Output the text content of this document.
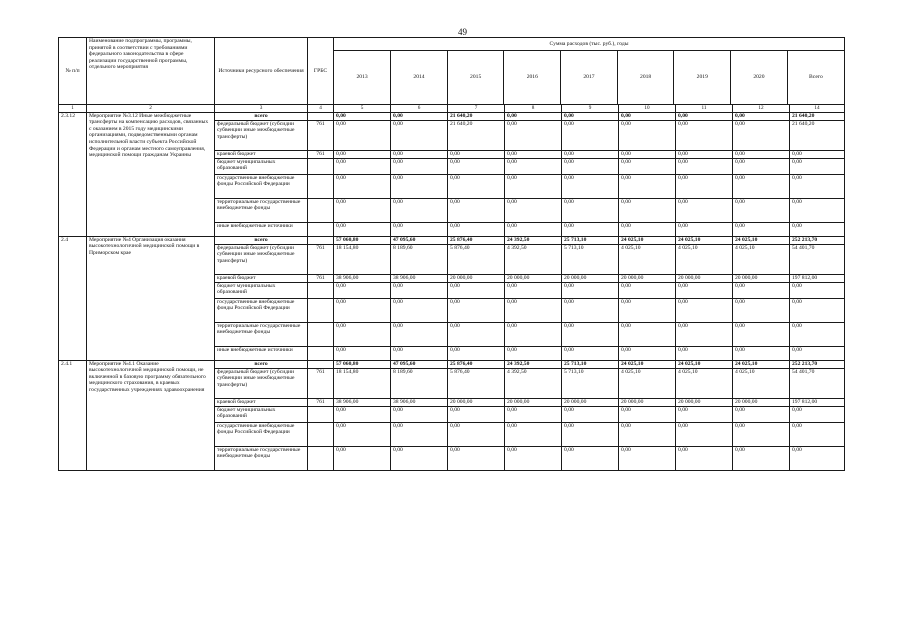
49
№ п/п	Наименование подпрограммы, программы, принятой в соответствии с требованиями федерального законодательства в сфере реализации государственной программы, отдельного мероприятия	Источники ресурсного обеспечения	ГРБС	
Сумма расходов (тыс. руб.), годы
2013	2014	2015	2016	2017	2018	2019	2020	Всего

1	2	3	4	5	6	7	8	9	10	11	12	14
2.3.12	Мероприятие №3.12 Иные межбюджетные трансферты на компенсацию расходов, связанных с оказанием в 2015 году медицинскими организациями, подведомственными органам исполнительной власти субъекта Российской Федерации и органам местного самоуправления, медицинской помощи гражданам Украины	всего		0,00	0,00	21 640,20	0,00	0,00	0,00	0,00	0,00	21 640,20
федеральный бюджет (субсидии субвенции иные межбюджетные трансферты)	761	0,00	0,00	21 640,20	0,00	0,00	0,00	0,00	0,00	21 640,20
краевой бюджет	761	0,00	0,00	0,00	0,00	0,00	0,00	0,00	0,00	0,00
бюджет муниципальных образований		0,00	0,00	0,00	0,00	0,00	0,00	0,00	0,00	0,00
государственные внебюджетные фонды Российской Федерации		0,00	0,00	0,00	0,00	0,00	0,00	0,00	0,00	0,00
территориальные государственные внебюджетные фонды		0,00	0,00	0,00	0,00	0,00	0,00	0,00	0,00	0,00
иные внебюджетные источники		0,00	0,00	0,00	0,00	0,00	0,00	0,00	0,00	0,00
2.4	Мероприятие №4 Организация оказания высокотехнологичной медицинской помощи в Приморском крае	всего		57 060,80	47 095,60	25 876,40	24 392,50	25 713,10	24 025,10	24 025,10	24 025,10	252 213,70
федеральный бюджет (субсидии субвенции иные межбюджетные трансферты)	761	18 154,80	8 189,60	5 876,40	4 392,50	5 713,10	4 025,10	4 025,10	4 025,10	54 401,70
краевой бюджет	761	38 906,00	38 906,00	20 000,00	20 000,00	20 000,00	20 000,00	20 000,00	20 000,00	197 812,00
бюджет муниципальных образований		0,00	0,00	0,00	0,00	0,00	0,00	0,00	0,00	0,00
государственные внебюджетные фонды Российской Федерации		0,00	0,00	0,00	0,00	0,00	0,00	0,00	0,00	0,00
территориальные государственные внебюджетные фонды		0,00	0,00	0,00	0,00	0,00	0,00	0,00	0,00	0,00
иные внебюджетные источники		0,00	0,00	0,00	0,00	0,00	0,00	0,00	0,00	0,00
2.4.1	Мероприятие №4.1 Оказание высокотехнологичной медицинской помощи, не включенной в базовую программу обязательного медицинского страхования, в краевых государственных учреждениях здравоохранения	всего		57 060,80	47 095,60	25 876,40	24 392,50	25 713,10	24 025,10	24 025,10	24 025,10	252 213,70
федеральный бюджет (субсидии субвенции иные межбюджетные трансферты)	761	18 154,80	8 189,60	5 876,40	4 392,50	5 713,10	4 025,10	4 025,10	4 025,10	54 401,70
краевой бюджет	761	38 906,00	38 906,00	20 000,00	20 000,00	20 000,00	20 000,00	20 000,00	20 000,00	197 812,00
бюджет муниципальных образований		0,00	0,00	0,00	0,00	0,00	0,00	0,00	0,00	0,00
государственные внебюджетные фонды Российской Федерации		0,00	0,00	0,00	0,00	0,00	0,00	0,00	0,00	0,00
территориальные государственные внебюджетные фонды		0,00	0,00	0,00	0,00	0,00	0,00	0,00	0,00	0,00
